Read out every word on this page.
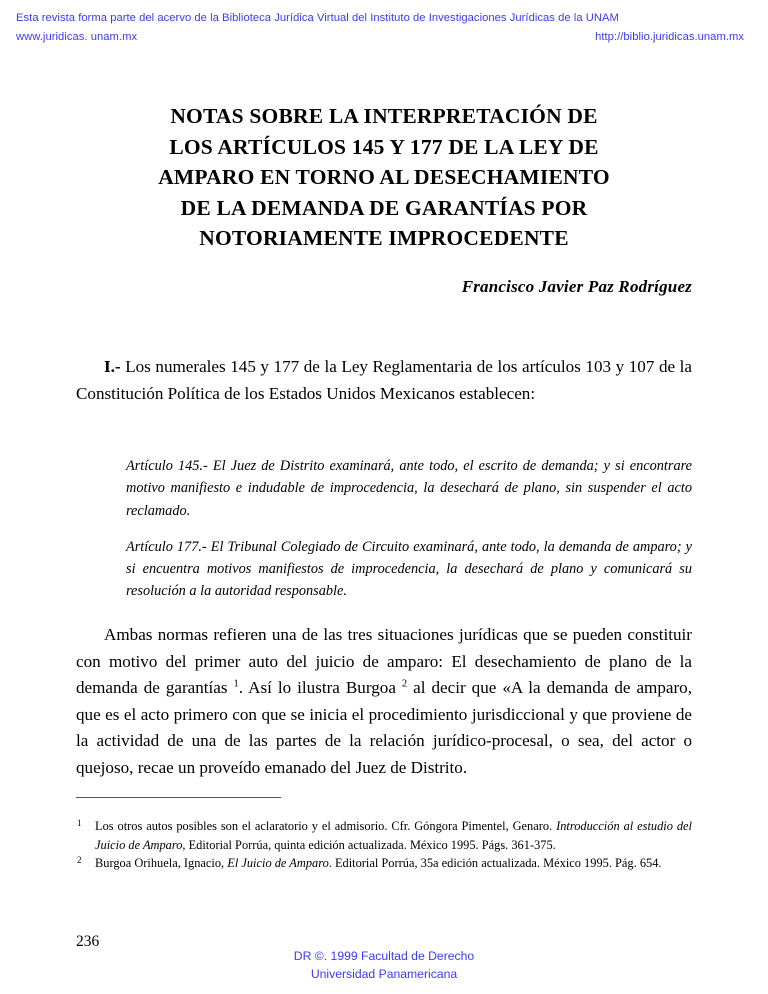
Esta revista forma parte del acervo de la Biblioteca Jurídica Virtual del Instituto de Investigaciones Jurídicas de la UNAM
www.juridicas. unam.mx	http://biblio.juridicas.unam.mx
NOTAS SOBRE LA INTERPRETACIÓN DE
LOS ARTÍCULOS 145 Y 177 DE LA LEY DE
AMPARO EN TORNO AL DESECHAMIENTO
DE LA DEMANDA DE GARANTÍAS POR
NOTORIAMENTE IMPROCEDENTE
Francisco Javier Paz Rodríguez

I.- Los numerales 145 y 177 de la Ley Reglamentaria de los artículos 103 y 107 de la Constitución Política de los Estados Unidos Mexicanos establecen:

Artículo 145.- El Juez de Distrito examinará, ante todo, el escrito de demanda; y si encontrare motivo manifiesto e indudable de improcedencia, la desechará de plano, sin suspender el acto reclamado.

Artículo 177.- El Tribunal Colegiado de Circuito examinará, ante todo, la demanda de amparo; y si encuentra motivos manifiestos de improcedencia, la desechará de plano y comunicará su resolución a la autoridad responsable.

Ambas normas refieren una de las tres situaciones jurídicas que se pueden constituir con motivo del primer auto del juicio de amparo: El desechamiento de plano de la demanda de garantías $^1$. Así lo ilustra Burgoa $^2$ al decir que «A la demanda de amparo, que es el acto primero con que se inicia el procedimiento jurisdiccional y que proviene de la actividad de una de las partes de la relación jurídico-procesal, o sea, del actor o quejoso, recae un proveído emanado del Juez de Distrito.

1 Los otros autos posibles son el aclaratorio y el admisorio. Cfr. Góngora Pimentel, Genaro. Introducción al estudio del Juicio de Amparo, Editorial Porrúa, quinta edición actualizada. México 1995. Págs. 361-375.
2 Burgoa Orihuela, Ignacio, El Juicio de Amparo. Editorial Porrúa, 35a edición actualizada. México 1995. Pág. 654.
236
DR ©. 1999 Facultad de Derecho
Universidad Panamericana
